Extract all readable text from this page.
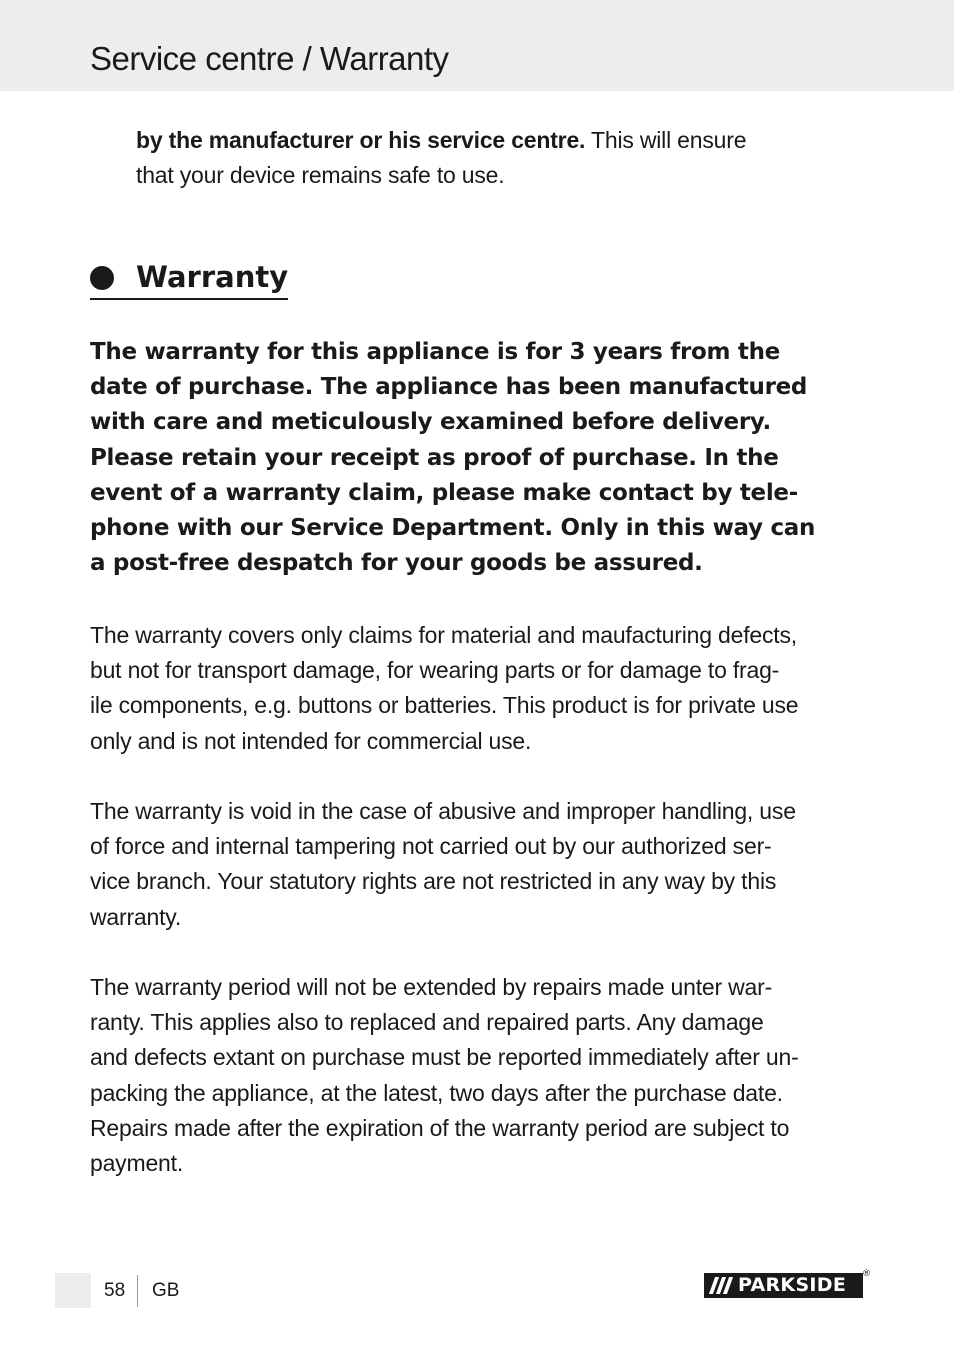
Service centre / Warranty
by the manufacturer or his service centre. This will ensure
that your device remains safe to use.
Warranty
The warranty for this appliance is for 3 years from the
date of purchase. The appliance has been manufactured
with care and meticulously examined before delivery.
Please retain your receipt as proof of purchase. In the
event of a warranty claim, please make contact by tele-
phone with our Service Department. Only in this way can
a post-free despatch for your goods be assured.
The warranty covers only claims for material and maufacturing defects,
but not for transport damage, for wearing parts or for damage to frag-
ile components, e.g. buttons or batteries. This product is for private use
only and is not intended for commercial use.
The warranty is void in the case of abusive and improper handling, use
of force and internal tampering not carried out by our authorized ser-
vice branch. Your statutory rights are not restricted in any way by this
warranty.
The warranty period will not be extended by repairs made unter war-
ranty. This applies also to replaced and repaired parts. Any damage
and defects extant on purchase must be reported immediately after un-
packing the appliance, at the latest, two days after the purchase date.
Repairs made after the expiration of the warranty period are subject to
payment.
58 GB	PARKSIDE ®
